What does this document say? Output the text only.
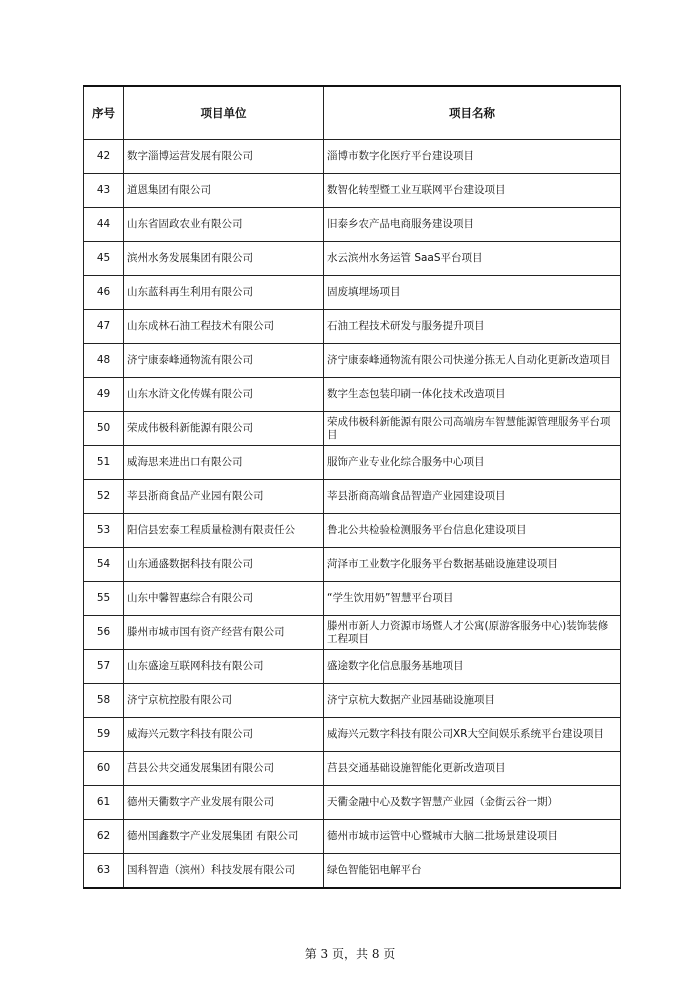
序号	项目单位	项目名称
42	数字淄博运营发展有限公司	淄博市数字化医疗平台建设项目
43	道恩集团有限公司	数智化转型暨工业互联网平台建设项目
44	山东省固政农业有限公司	旧泰乡农产品电商服务建设项目
45	滨州水务发展集团有限公司	水云滨州水务运管 SaaS平台项目
46	山东蓝科再生利用有限公司	固废填埋场项目
47	山东成林石油工程技术有限公司	石油工程技术研发与服务提升项目
48	济宁康泰峰通物流有限公司	济宁康泰峰通物流有限公司快递分拣无人自动化更新改造项目
49	山东水浒文化传媒有限公司	数字生态包装印刷一体化技术改造项目
50	荣成伟极科新能源有限公司	荣成伟极科新能源有限公司高端房车智慧能源管理服务平台项目
51	威海思来进出口有限公司	服饰产业专业化综合服务中心项目
52	莘县浙商食品产业园有限公司	莘县浙商高端食品智造产业园建设项目
53	阳信县宏泰工程质量检测有限责任公	鲁北公共检验检测服务平台信息化建设项目
54	山东通盛数据科技有限公司	菏泽市工业数字化服务平台数据基础设施建设项目
55	山东中馨智惠综合有限公司	“学生饮用奶”智慧平台项目
56	滕州市城市国有资产经营有限公司	滕州市新人力资源市场暨人才公寓(原游客服务中心)装饰装修工程项目
57	山东盛途互联网科技有限公司	盛途数字化信息服务基地项目
58	济宁京杭控股有限公司	济宁京杭大数据产业园基础设施项目
59	威海兴元数字科技有限公司	威海兴元数字科技有限公司XR大空间娱乐系统平台建设项目
60	莒县公共交通发展集团有限公司	莒县交通基础设施智能化更新改造项目
61	德州天衢数字产业发展有限公司	天衢金融中心及数字智慧产业园（金街云谷一期）
62	德州国鑫数字产业发展集团 有限公司	德州市城市运管中心暨城市大脑二批场景建设项目
63	国科智造（滨州）科技发展有限公司	绿色智能铝电解平台
第 3 页，共 8 页
